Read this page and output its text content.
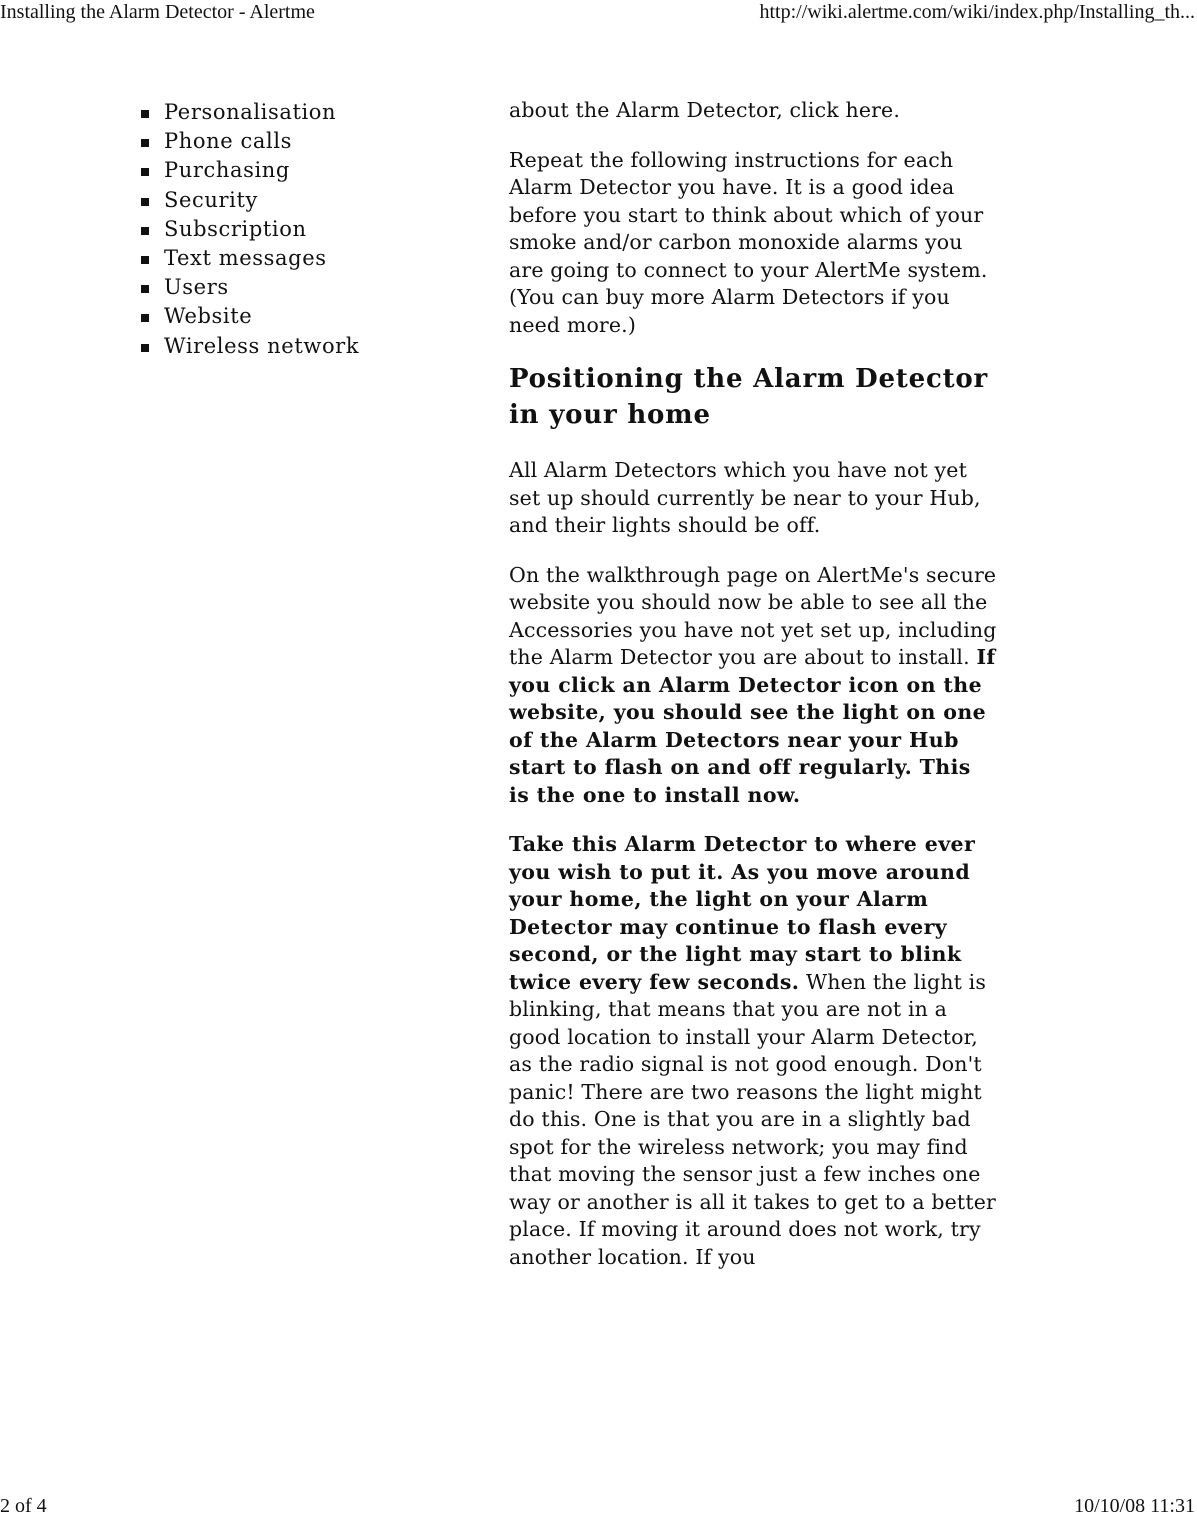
Installing the Alarm Detector - Alertme	http://wiki.alertme.com/wiki/index.php/Installing_th...
Personalisation
Phone calls
Purchasing
Security
Subscription
Text messages
Users
Website
Wireless network

about the Alarm Detector, click here.

Repeat the following instructions for each Alarm Detector you have. It is a good idea before you start to think about which of your smoke and/or carbon monoxide alarms you are going to connect to your AlertMe system. (You can buy more Alarm Detectors if you need more.)

Positioning the Alarm Detector in your home

All Alarm Detectors which you have not yet set up should currently be near to your Hub, and their lights should be off.

On the walkthrough page on AlertMe's secure website you should now be able to see all the Accessories you have not yet set up, including the Alarm Detector you are about to install. If you click an Alarm Detector icon on the website, you should see the light on one of the Alarm Detectors near your Hub start to flash on and off regularly. This is the one to install now.

Take this Alarm Detector to where ever you wish to put it. As you move around your home, the light on your Alarm Detector may continue to flash every second, or the light may start to blink twice every few seconds. When the light is blinking, that means that you are not in a good location to install your Alarm Detector, as the radio signal is not good enough. Don't panic! There are two reasons the light might do this. One is that you are in a slightly bad spot for the wireless network; you may find that moving the sensor just a few inches one way or another is all it takes to get to a better place. If moving it around does not work, try another location. If you

2 of 4	10/10/08 11:31
